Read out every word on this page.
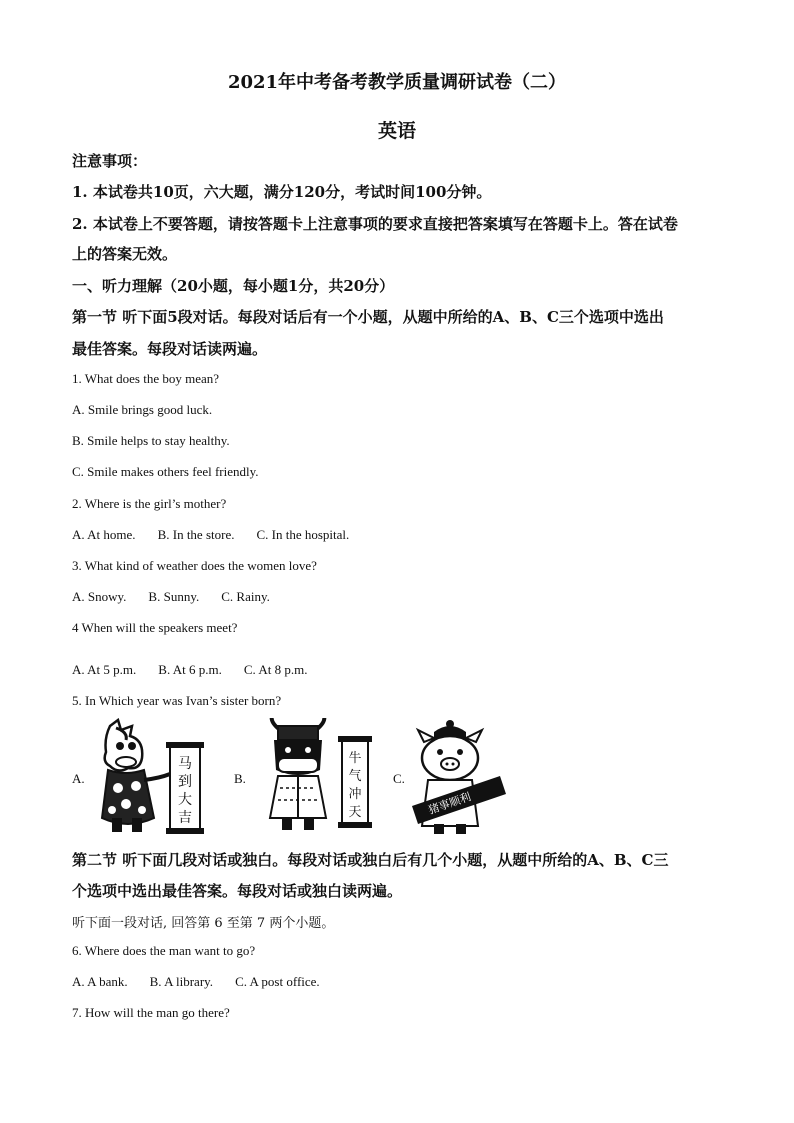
2021年中考备考教学质量调研试卷（二）
英语
注意事项：
1. 本试卷共10页，六大题，满分120分，考试时间100分钟。
2. 本试卷上不要答题，请按答题卡上注意事项的要求直接把答案填写在答题卡上。答在试卷
上的答案无效。
一、听力理解（20小题，每小题1分，共20分）
第一节 听下面5段对话。每段对话后有一个小题，从题中所给的A、B、C三个选项中选出
最佳答案。每段对话读两遍。
1. What does the boy mean?
A. Smile brings good luck.
B. Smile helps to stay healthy.
C. Smile makes others feel friendly.
2. Where is the girl’s mother?
A. At home. B. In the store. C. In the hospital.
3. What kind of weather does the women love?
A. Snowy. B. Sunny. C. Rainy.
4 When will the speakers meet?
A. At 5 p.m. B. At 6 p.m. C. At 8 p.m.
5. In Which year was Ivan’s sister born?
A.
马
到
大
吉
B.
牛
气
冲
天
C.
猪事顺利
第二节 听下面几段对话或独白。每段对话或独白后有几个小题，从题中所给的A、B、C三
个选项中选出最佳答案。每段对话或独白读两遍。
听下面一段对话, 回答第 6 至第 7 两个小题。
6. Where does the man want to go?
A. A bank. B. A library. C. A post office.
7. How will the man go there?
